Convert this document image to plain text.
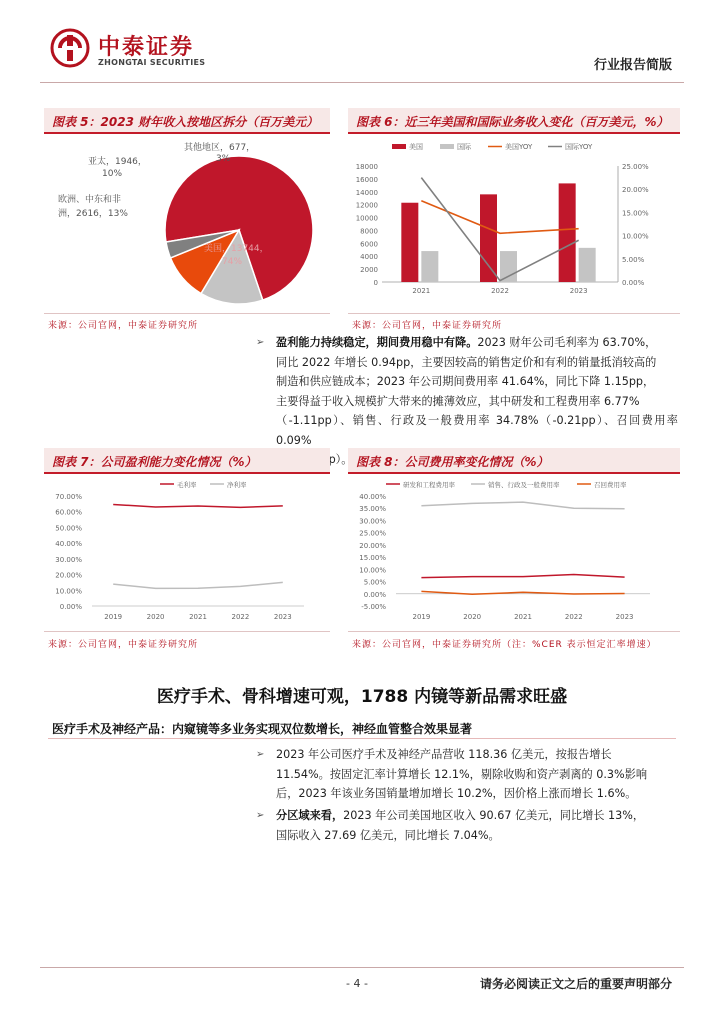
中泰证券
ZHONGTAI SECURITIES	行业报告简版
图表 5：2023 财年收入按地区拆分（百万美元）
其他地区，677，
3%
亚太，1946，
10%
欧洲、中东和非
洲，2616，13%
美国，13744，
74%
来源：公司官网，中泰证券研究所
图表 6：近三年美国和国际业务收入变化（百万美元，%）
18000
16000
14000
12000
10000
8000
6000
4000
2000
0
25.00%
20.00%
15.00%
10.00%
5.00%
0.00%
2021	2022	2023
美国	国际	美国YOY	国际YOY
来源：公司官网，中泰证券研究所
➢ 盈利能力持续稳定，期间费用稳中有降。2023 财年公司毛利率为 63.70%，
同比 2022 年增长 0.94pp，主要因较高的销售定价和有利的销量抵消较高的
制造和供应链成本；2023 年公司期间费用率 41.64%，同比下降 1.15pp，
主要得益于收入规模扩大带来的摊薄效应，其中研发和工程费用率 6.77%
（-1.11pp）、销售、行政及一般费用率 34.78%（-0.21pp）、召回费用率 0.09%
图表 7：公司盈利能力变化情况（%）
70.00%
60.00%
50.00%
40.00%
30.00%
20.00%
10.00%
0.00%
2019	2020	2021	2022	2023
毛利率	净利率
来源：公司官网，中泰证券研究所
图表 8：公司费用率变化情况（%）
40.00%
35.00%
30.00%
25.00%
20.00%
15.00%
10.00%
5.00%
0.00%
-5.00%
2019	2020	2021	2022	2023
研发和工程费用率	销售、行政及一般费用率	召回费用率
来源：公司官网，中泰证券研究所（注：%CER 表示恒定汇率增速）
医疗手术、骨科增速可观，1788 内镜等新品需求旺盛
医疗手术及神经产品：内窥镜等多业务实现双位数增长，神经血管整合效果显著
➢ 2023 年公司医疗手术及神经产品营收 118.36 亿美元，按报告增长
11.54%。按固定汇率计算增长 12.1%，剔除收购和资产剥离的 0.3%影响
后，2023 年该业务国销量增加增长 10.2%，因价格上涨而增长 1.6%。
➢ 分区域来看，2023 年公司美国地区收入 90.67 亿美元，同比增长 13%，
国际收入 27.69 亿美元，同比增长 7.04%。
- 4 -	请务必阅读正文之后的重要声明部分
